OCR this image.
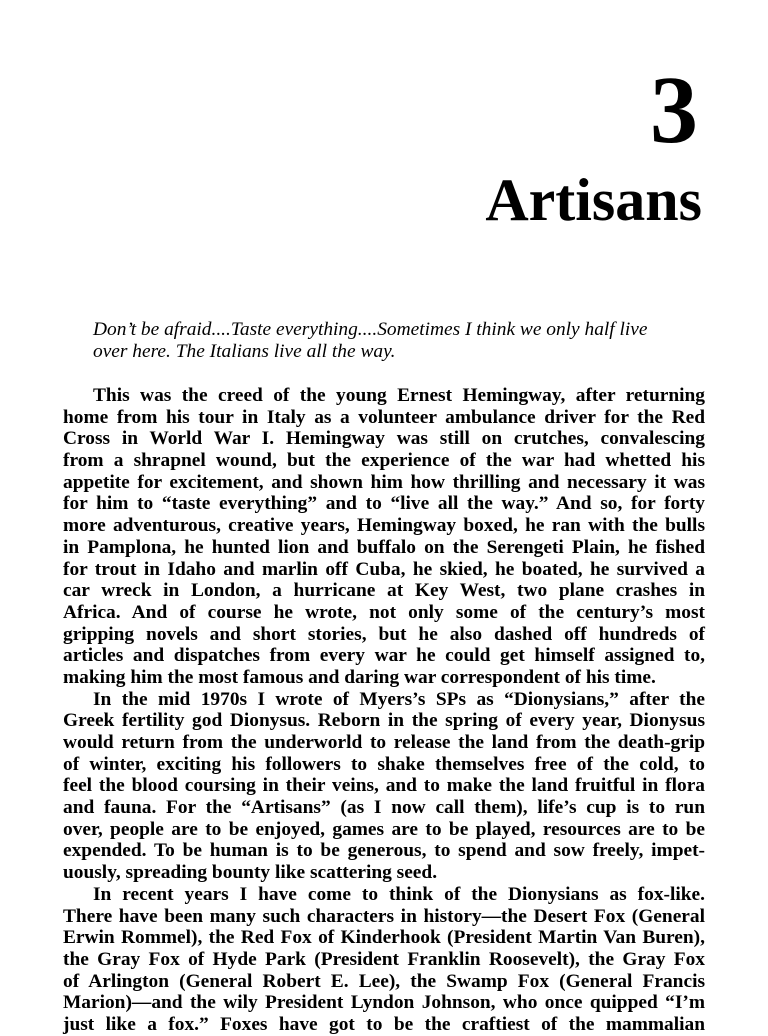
3
Artisans

Don’t be afraid....Taste everything....Sometimes I think we only half live

over here. The Italians live all the way.

This was the creed of the young Ernest Hemingway, after returning
home from his tour in Italy as a volunteer ambulance driver for the Red
Cross in World War I. Hemingway was still on crutches, convalescing
from a shrapnel wound, but the experience of the war had whetted his
appetite for excitement, and shown him how thrilling and necessary it was
for him to “taste everything” and to “live all the way.” And so, for forty
more adventurous, creative years, Hemingway boxed, he ran with the bulls
in Pamplona, he hunted lion and buffalo on the Serengeti Plain, he fished
for trout in Idaho and marlin off Cuba, he skied, he boated, he survived a
car wreck in London, a hurricane at Key West, two plane crashes in
Africa. And of course he wrote, not only some of the century’s most
gripping novels and short stories, but he also dashed off hundreds of
articles and dispatches from every war he could get himself assigned to,
making him the most famous and daring war correspondent of his time.
In the mid 1970s I wrote of Myers’s SPs as “Dionysians,” after the
Greek fertility god Dionysus. Reborn in the spring of every year, Dionysus
would return from the underworld to release the land from the death-grip
of winter, exciting his followers to shake themselves free of the cold, to
feel the blood coursing in their veins, and to make the land fruitful in flora
and fauna. For the “Artisans” (as I now call them), life’s cup is to run
over, people are to be enjoyed, games are to be played, resources are to be
expended. To be human is to be generous, to spend and sow freely, impet-
uously, spreading bounty like scattering seed.
In recent years I have come to think of the Dionysians as fox-like.
There have been many such characters in history—the Desert Fox (General
Erwin Rommel), the Red Fox of Kinderhook (President Martin Van Buren),
the Gray Fox of Hyde Park (President Franklin Roosevelt), the Gray Fox
of Arlington (General Robert E. Lee), the Swamp Fox (General Francis
Marion)—and the wily President Lyndon Johnson, who once quipped “I’m
just like a fox.” Foxes have got to be the craftiest of the mammalian
